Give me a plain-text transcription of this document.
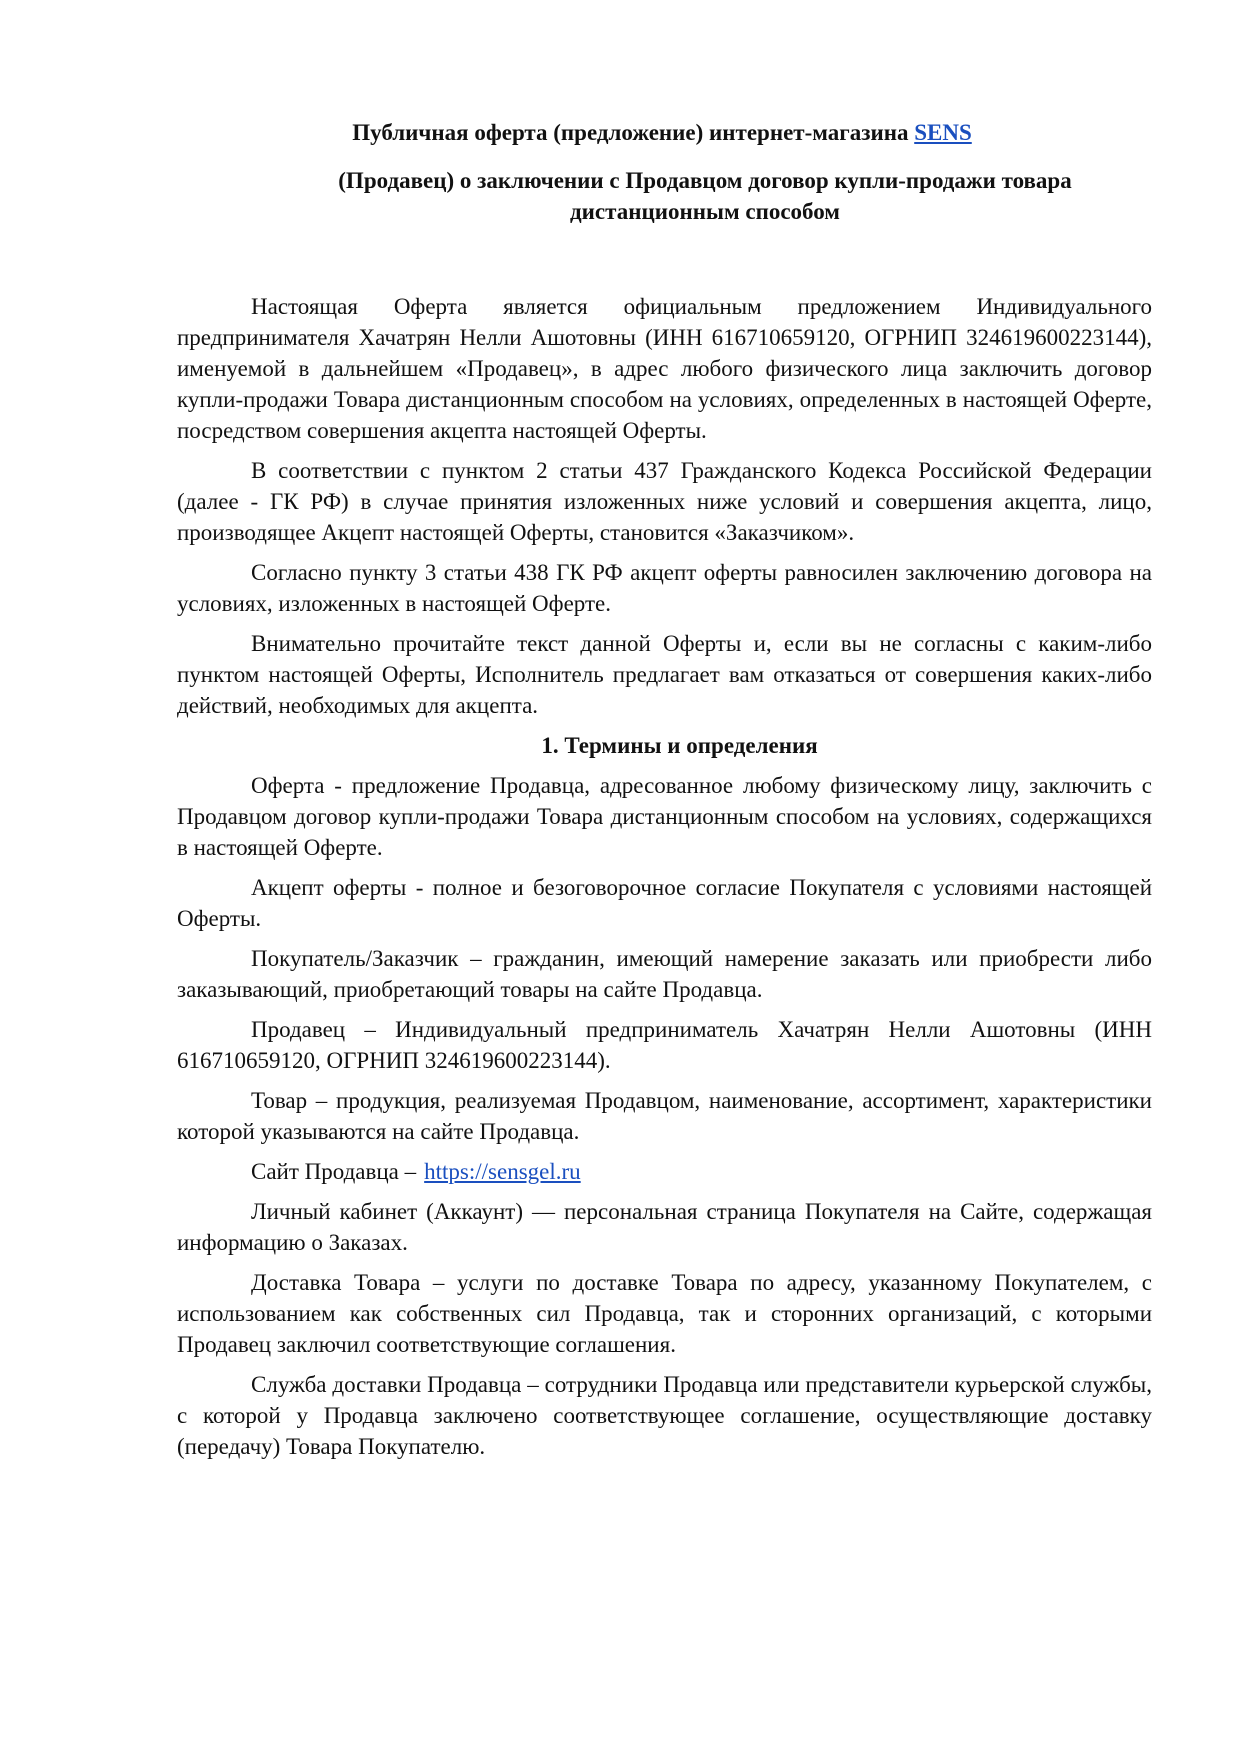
Публичная оферта (предложение) интернет-магазина SENS

(Продавец) о заключении с Продавцом договор купли-продажи товара дистанционным способом

Настоящая Оферта является официальным предложением Индивидуального предпринимателя Хачатрян Нелли Ашотовны (ИНН 616710659120, ОГРНИП 324619600223144), именуемой в дальнейшем «Продавец», в адрес любого физического лица заключить договор купли-продажи Товара дистанционным способом на условиях, определенных в настоящей Оферте, посредством совершения акцепта настоящей Оферты.

В соответствии с пунктом 2 статьи 437 Гражданского Кодекса Российской Федерации (далее - ГК РФ) в случае принятия изложенных ниже условий и совершения акцепта, лицо, производящее Акцепт настоящей Оферты, становится «Заказчиком».

Согласно пункту 3 статьи 438 ГК РФ акцепт оферты равносилен заключению договора на условиях, изложенных в настоящей Оферте.

Внимательно прочитайте текст данной Оферты и, если вы не согласны с каким-либо пунктом настоящей Оферты, Исполнитель предлагает вам отказаться от совершения каких-либо действий, необходимых для акцепта.

1. Термины и определения

Оферта - предложение Продавца, адресованное любому физическому лицу, заключить с Продавцом договор купли-продажи Товара дистанционным способом на условиях, содержащихся в настоящей Оферте.

Акцепт оферты - полное и безоговорочное согласие Покупателя с условиями настоящей Оферты.

Покупатель/Заказчик – гражданин, имеющий намерение заказать или приобрести либо заказывающий, приобретающий товары на сайте Продавца.

Продавец – Индивидуальный предприниматель Хачатрян Нелли Ашотовны (ИНН 616710659120, ОГРНИП 324619600223144).

Товар – продукция, реализуемая Продавцом, наименование, ассортимент, характеристики которой указываются на сайте Продавца.

Сайт Продавца – https://sensgel.ru

Личный кабинет (Аккаунт) — персональная страница Покупателя на Сайте, содержащая информацию о Заказах.

Доставка Товара – услуги по доставке Товара по адресу, указанному Покупателем, с использованием как собственных сил Продавца, так и сторонних организаций, с которыми Продавец заключил соответствующие соглашения.

Служба доставки Продавца – сотрудники Продавца или представители курьерской службы, с которой у Продавца заключено соответствующее соглашение, осуществляющие доставку (передачу) Товара Покупателю.
